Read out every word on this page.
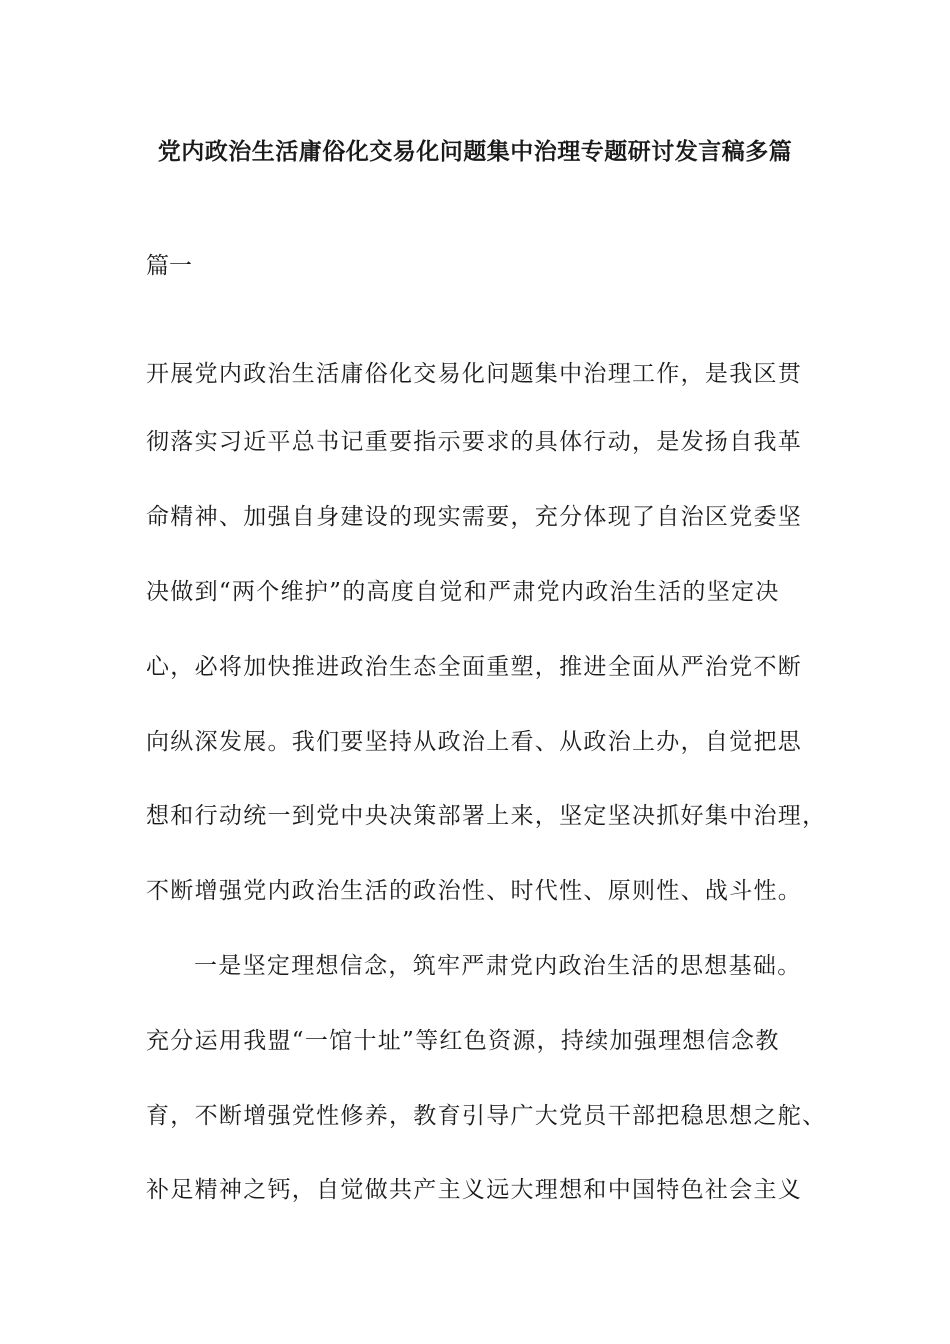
党内政治生活庸俗化交易化问题集中治理专题研讨发言稿多篇
篇一
开展党内政治生活庸俗化交易化问题集中治理工作，是我区贯
彻落实习近平总书记重要指示要求的具体行动，是发扬自我革
命精神、加强自身建设的现实需要，充分体现了自治区党委坚
决做到“两个维护”的高度自觉和严肃党内政治生活的坚定决
心，必将加快推进政治生态全面重塑，推进全面从严治党不断
向纵深发展。我们要坚持从政治上看、从政治上办，自觉把思
想和行动统一到党中央决策部署上来，坚定坚决抓好集中治理，
不断增强党内政治生活的政治性、时代性、原则性、战斗性。
一是坚定理想信念，筑牢严肃党内政治生活的思想基础。
充分运用我盟“一馆十址”等红色资源，持续加强理想信念教
育，不断增强党性修养，教育引导广大党员干部把稳思想之舵、
补足精神之钙，自觉做共产主义远大理想和中国特色社会主义
